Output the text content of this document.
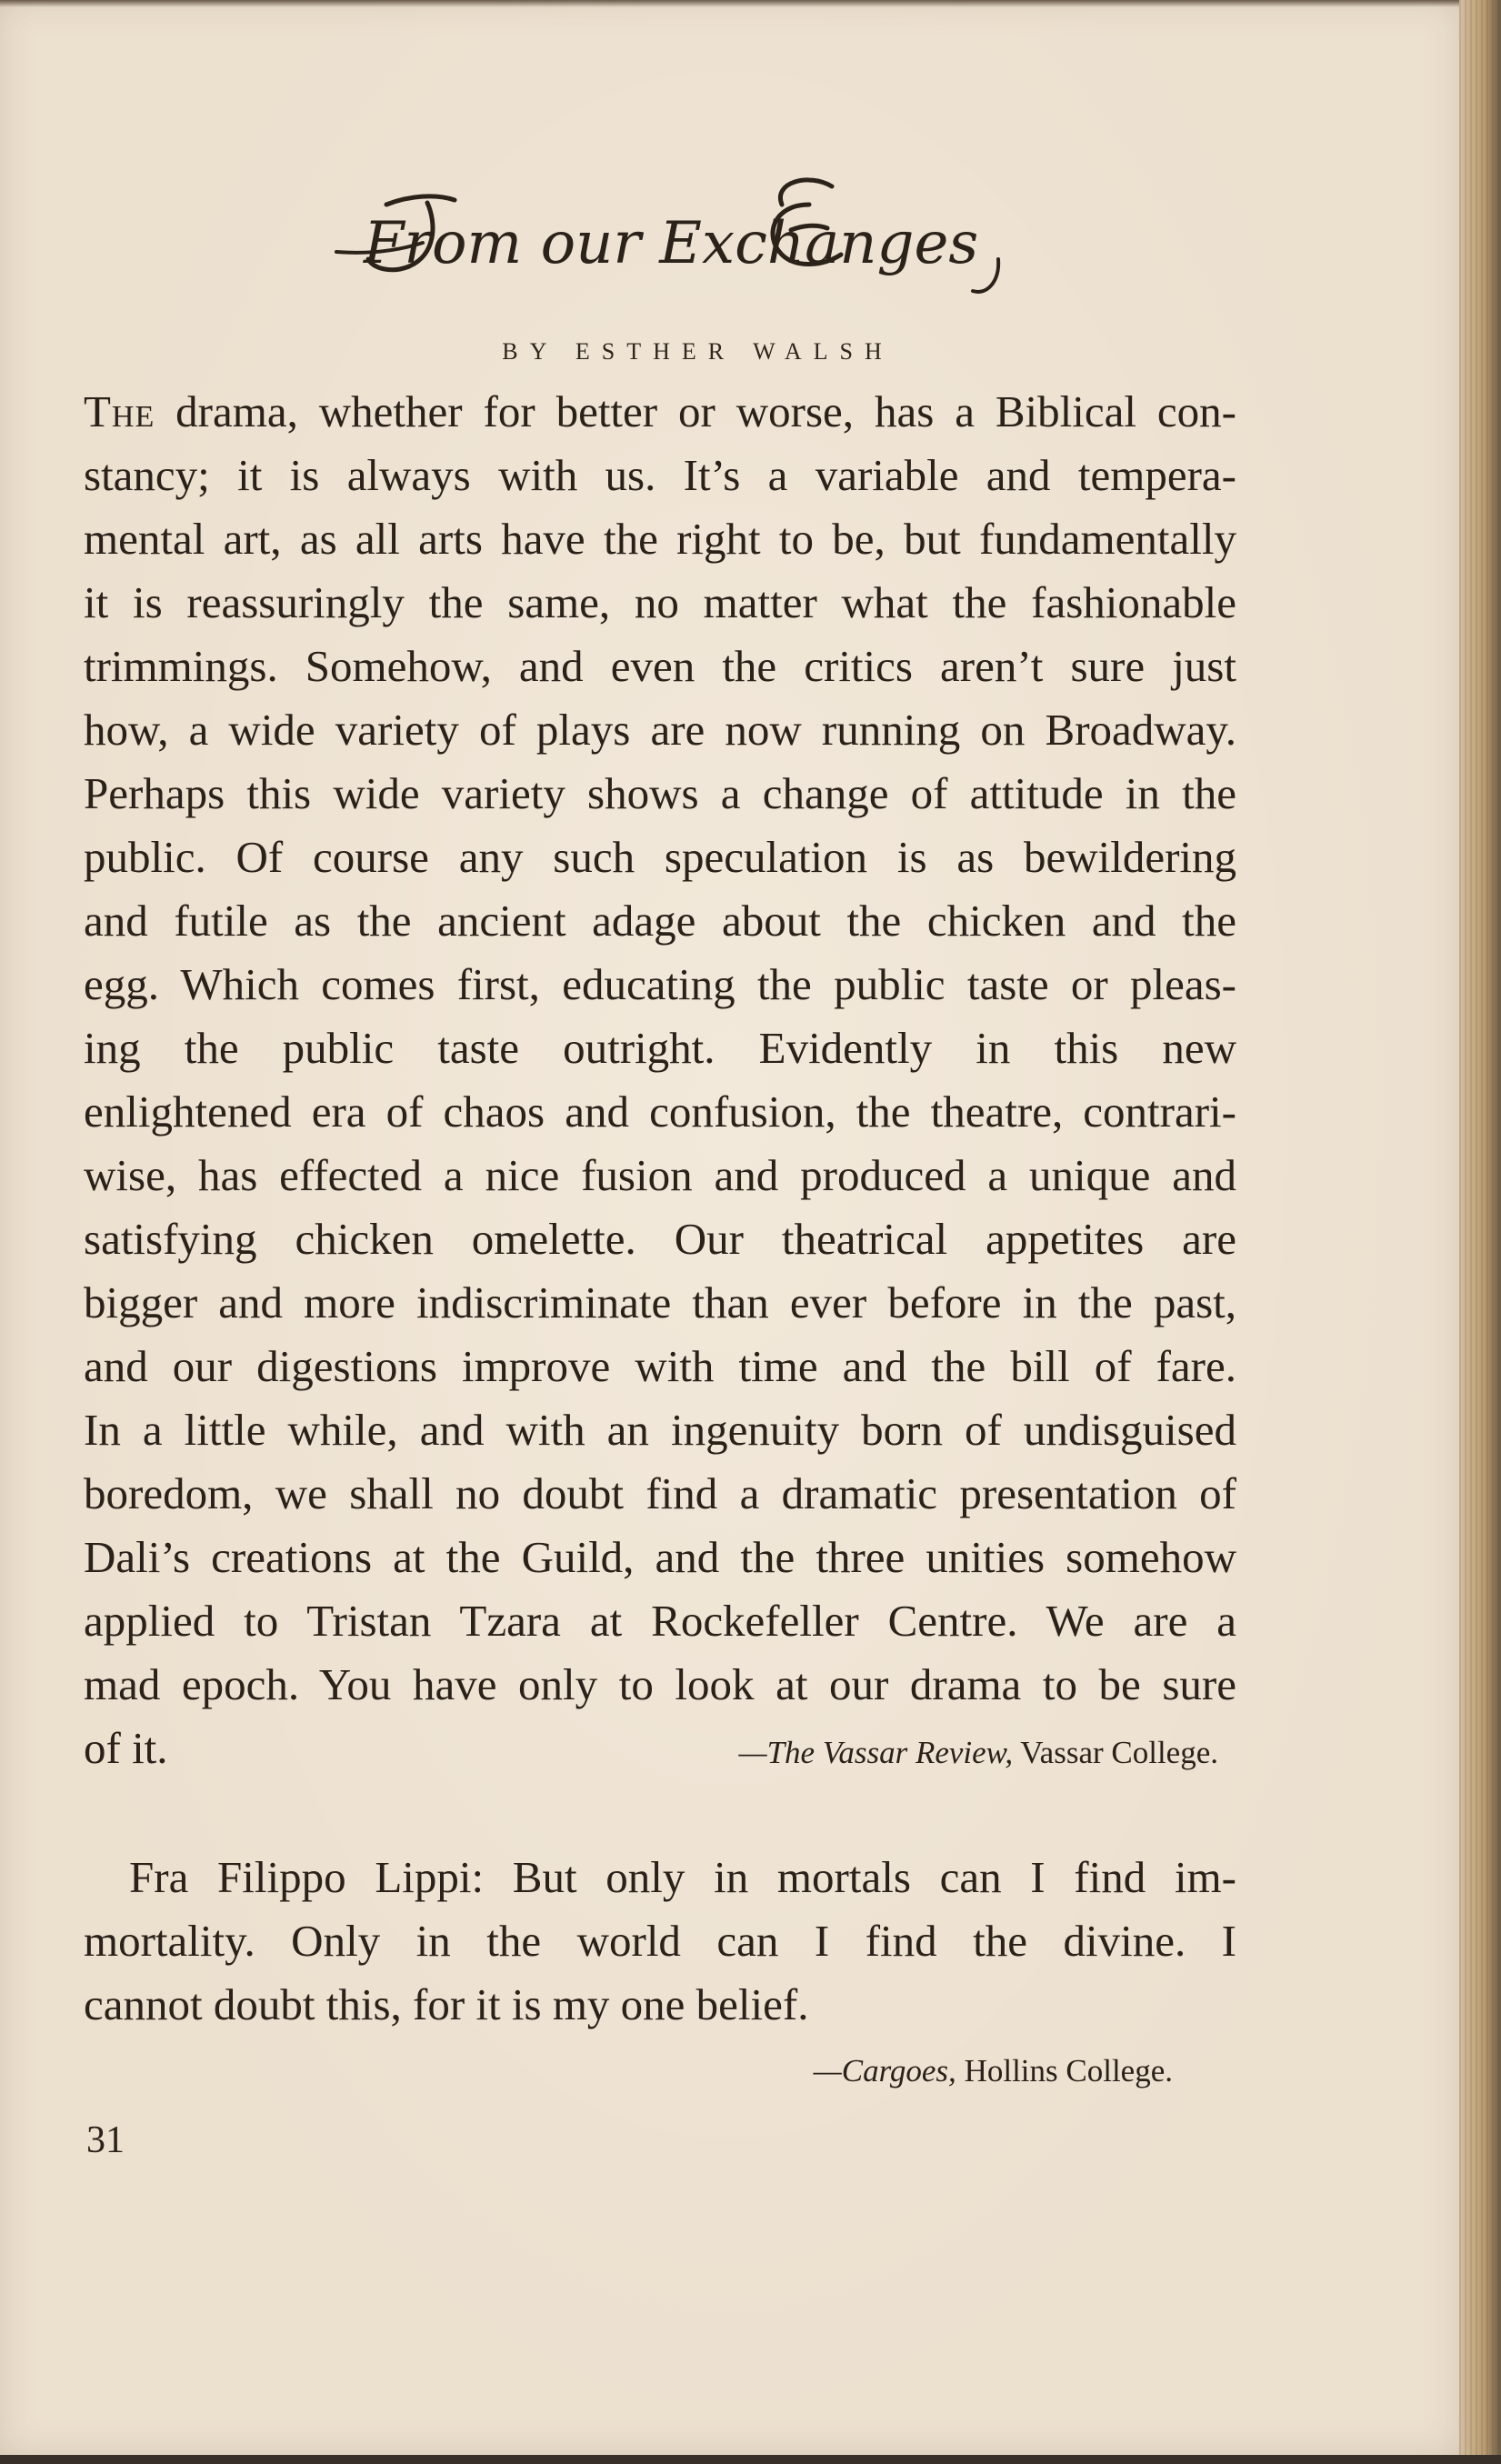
From our Exchanges
BY ESTHER WALSH
The drama, whether for better or worse, has a Biblical con-
stancy; it is always with us. It’s a variable and tempera-
mental art, as all arts have the right to be, but fundamentally
it is reassuringly the same, no matter what the fashionable
trimmings. Somehow, and even the critics aren’t sure just
how, a wide variety of plays are now running on Broadway.
Perhaps this wide variety shows a change of attitude in the
public. Of course any such speculation is as bewildering
and futile as the ancient adage about the chicken and the
egg. Which comes first, educating the public taste or pleas-
ing the public taste outright. Evidently in this new
enlightened era of chaos and confusion, the theatre, contrari-
wise, has effected a nice fusion and produced a unique and
satisfying chicken omelette. Our theatrical appetites are
bigger and more indiscriminate than ever before in the past,
and our digestions improve with time and the bill of fare.
In a little while, and with an ingenuity born of undisguised
boredom, we shall no doubt find a dramatic presentation of
Dali’s creations at the Guild, and the three unities somehow
applied to Tristan Tzara at Rockefeller Centre. We are a
mad epoch. You have only to look at our drama to be sure
of it.	—The Vassar Review, Vassar College.
Fra Filippo Lippi: But only in mortals can I find im-
mortality. Only in the world can I find the divine. I
cannot doubt this, for it is my one belief.
—Cargoes, Hollins College.
31
